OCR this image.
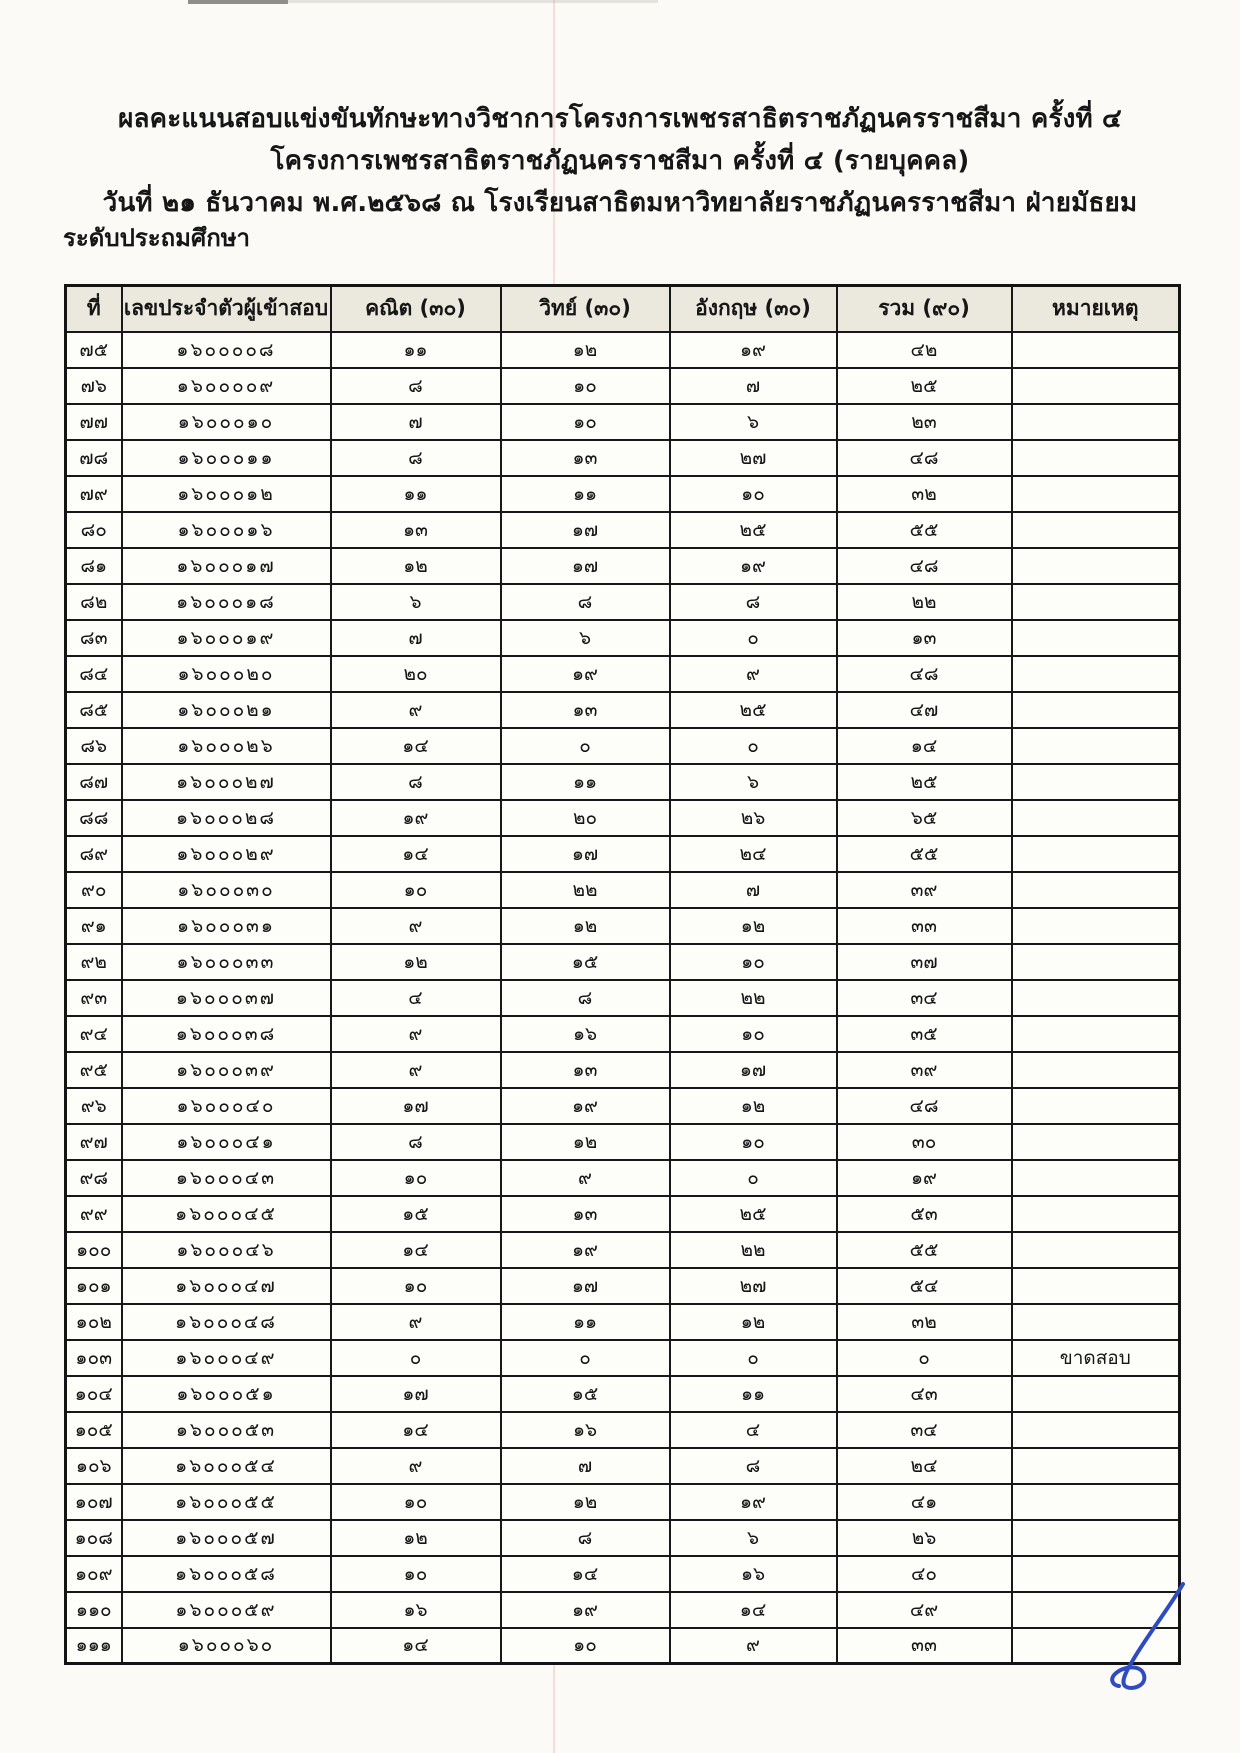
ผลคะแนนสอบแข่งขันทักษะทางวิชาการโครงการเพชรสาธิตราชภัฏนครราชสีมา ครั้งที่ ๔
โครงการเพชรสาธิตราชภัฏนครราชสีมา ครั้งที่ ๔ (รายบุคคล)
วันที่ ๒๑ ธันวาคม พ.ศ.๒๕๖๘ ณ โรงเรียนสาธิตมหาวิทยาลัยราชภัฏนครราชสีมา ฝ่ายมัธยม
ระดับประถมศึกษา
ที่	เลขประจำตัวผู้เข้าสอบ	คณิต (๓๐)	วิทย์ (๓๐)	อังกฤษ (๓๐)	รวม (๙๐)	หมายเหตุ
๗๕	๑๖๐๐๐๐๘	๑๑	๑๒	๑๙	๔๒	
๗๖	๑๖๐๐๐๐๙	๘	๑๐	๗	๒๕	
๗๗	๑๖๐๐๐๑๐	๗	๑๐	๖	๒๓	
๗๘	๑๖๐๐๐๑๑	๘	๑๓	๒๗	๔๘	
๗๙	๑๖๐๐๐๑๒	๑๑	๑๑	๑๐	๓๒	
๘๐	๑๖๐๐๐๑๖	๑๓	๑๗	๒๕	๕๕	
๘๑	๑๖๐๐๐๑๗	๑๒	๑๗	๑๙	๔๘	
๘๒	๑๖๐๐๐๑๘	๖	๘	๘	๒๒	
๘๓	๑๖๐๐๐๑๙	๗	๖	๐	๑๓	
๘๔	๑๖๐๐๐๒๐	๒๐	๑๙	๙	๔๘	
๘๕	๑๖๐๐๐๒๑	๙	๑๓	๒๕	๔๗	
๘๖	๑๖๐๐๐๒๖	๑๔	๐	๐	๑๔	
๘๗	๑๖๐๐๐๒๗	๘	๑๑	๖	๒๕	
๘๘	๑๖๐๐๐๒๘	๑๙	๒๐	๒๖	๖๕	
๘๙	๑๖๐๐๐๒๙	๑๔	๑๗	๒๔	๕๕	
๙๐	๑๖๐๐๐๓๐	๑๐	๒๒	๗	๓๙	
๙๑	๑๖๐๐๐๓๑	๙	๑๒	๑๒	๓๓	
๙๒	๑๖๐๐๐๓๓	๑๒	๑๕	๑๐	๓๗	
๙๓	๑๖๐๐๐๓๗	๔	๘	๒๒	๓๔	
๙๔	๑๖๐๐๐๓๘	๙	๑๖	๑๐	๓๕	
๙๕	๑๖๐๐๐๓๙	๙	๑๓	๑๗	๓๙	
๙๖	๑๖๐๐๐๔๐	๑๗	๑๙	๑๒	๔๘	
๙๗	๑๖๐๐๐๔๑	๘	๑๒	๑๐	๓๐	
๙๘	๑๖๐๐๐๔๓	๑๐	๙	๐	๑๙	
๙๙	๑๖๐๐๐๔๕	๑๕	๑๓	๒๕	๕๓	
๑๐๐	๑๖๐๐๐๔๖	๑๔	๑๙	๒๒	๕๕	
๑๐๑	๑๖๐๐๐๔๗	๑๐	๑๗	๒๗	๕๔	
๑๐๒	๑๖๐๐๐๔๘	๙	๑๑	๑๒	๓๒	
๑๐๓	๑๖๐๐๐๔๙	๐	๐	๐	๐	ขาดสอบ
๑๐๔	๑๖๐๐๐๕๑	๑๗	๑๕	๑๑	๔๓	
๑๐๕	๑๖๐๐๐๕๓	๑๔	๑๖	๔	๓๔	
๑๐๖	๑๖๐๐๐๕๔	๙	๗	๘	๒๔	
๑๐๗	๑๖๐๐๐๕๕	๑๐	๑๒	๑๙	๔๑	
๑๐๘	๑๖๐๐๐๕๗	๑๒	๘	๖	๒๖	
๑๐๙	๑๖๐๐๐๕๘	๑๐	๑๔	๑๖	๔๐	
๑๑๐	๑๖๐๐๐๕๙	๑๖	๑๙	๑๔	๔๙	
๑๑๑	๑๖๐๐๐๖๐	๑๔	๑๐	๙	๓๓	
